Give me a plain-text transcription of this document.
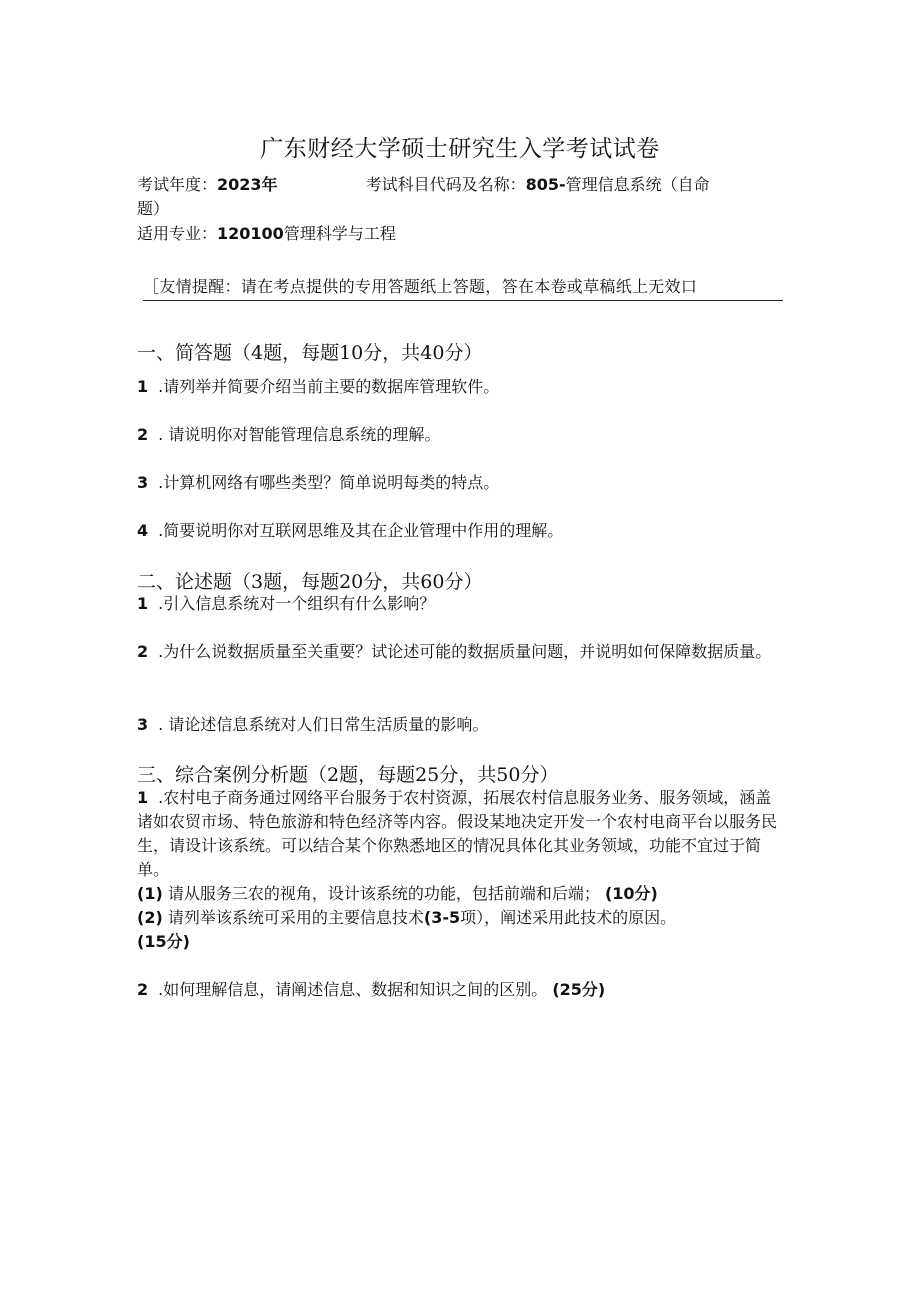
广东财经大学硕士研究生入学考试试卷
考试年度：2023年	考试科目代码及名称：805-管理信息系统（自命
题）
适用专业：120100管理科学与工程
［友情提醒：请在考点提供的专用答题纸上答题，答在本卷或草稿纸上无效口
一、简答题（4题，每题10分，共40分）
1 .请列举并简要介绍当前主要的数据库管理软件。
2 . 请说明你对智能管理信息系统的理解。
3 .计算机网络有哪些类型？简单说明每类的特点。
4 .简要说明你对互联网思维及其在企业管理中作用的理解。
二、论述题（3题，每题20分，共60分）
1 .引入信息系统对一个组织有什么影响？
2 .为什么说数据质量至关重要？试论述可能的数据质量问题，并说明如何保障数据质量。
3 . 请论述信息系统对人们日常生活质量的影响。
三、综合案例分析题（2题，每题25分，共50分）
1 .农村电子商务通过网络平台服务于农村资源，拓展农村信息服务业务、服务领域，涵盖诸如农贸市场、特色旅游和特色经济等内容。假设某地决定开发一个农村电商平台以服务民生，请设计该系统。可以结合某个你熟悉地区的情况具体化其业务领域，功能不宜过于简单。
(1) 请从服务三农的视角，设计该系统的功能，包括前端和后端； (10分)
(2) 请列举该系统可采用的主要信息技术(3-5项），阐述采用此技术的原因。
(15分)
2 .如何理解信息，请阐述信息、数据和知识之间的区别。 (25分)
